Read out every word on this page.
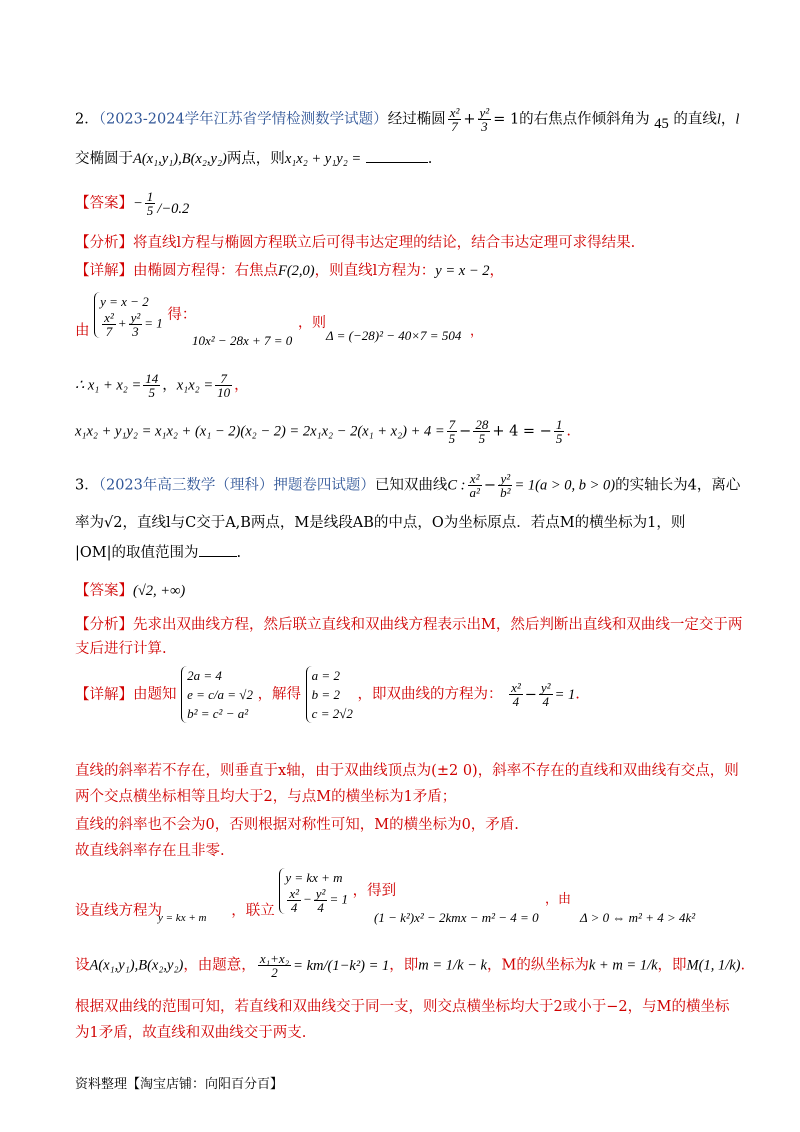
2．（2023-2024学年江苏省学情检测数学试题）经过椭圆 $\frac{\text{x²}}{7} + \frac{\text{y²}}{3} = 1$的右焦点作倾斜角为 45 的直线l，l
交椭圆于A(x₁,y₁),B(x₂,y₂)两点，则x₁x₂ + y₁y₂ =	.
【答案】− $\frac{1}{5} /-0.2$
【分析】将直线l方程与椭圆方程联立后可得韦达定理的结论，结合韦达定理可求得结果.
【详解】由椭圆方程得：右焦点F(2,0)，则直线l方程为：y = x − 2，
由 y = x − 2

$\frac{\text{x²}}{7} + \frac{\text{y²}}{3} = 1$ 得：
10x² − 28x + 7 = 0
，则
Δ = (−28)² − 40×7 = 504 ，
∴ $x_1 + x_2 = \frac{14}{5}$ ，$x_1x_2 = \frac{7}{10}$ ，
$x_1x_2 + y_1y_2 = x_1x_2 + (x_1 - 2)(x_2 - 2) = 2x_1x_2 - 2(x_1 + x_2) + 4 = \frac{7}{5} - \frac{28}{5} + 4$ = − $\frac{1}{5}$ .
3．（2023年高三数学（理科）押题卷四试题）已知双曲线C : $\frac{\text{x²}}{\text{a²}} - \frac{\text{y²}}{\text{b²}} = 1(a > 0$, b > 0)的实轴长为4，离心
率为√2，直线l与C交于A,B两点，M是线段AB的中点，O为坐标原点．若点M的横坐标为1，则
|OM|的取值范围为	.
【答案】(√2, +∞)
【分析】先求出双曲线方程，然后联立直线和双曲线方程表示出M，然后判断出直线和双曲线一定交于两
支后进行计算.
【详解】由题知 2a = 4
e = c/a = √2
b² = c² − a² ，解得 a = 2
b = 2
c = 2√2 ，即双曲线的方程为： $\frac{\text{x²}}{4} - \frac{\text{y²}}{4} = 1$.
直线的斜率若不存在，则垂直于x轴，由于双曲线顶点为(±2 0)，斜率不存在的直线和双曲线有交点，则
两个交点横坐标相等且均大于2，与点M的横坐标为1矛盾；
直线的斜率也不会为0，否则根据对称性可知，M的横坐标为0，矛盾.
故直线斜率存在且非零.
设直线方程为	，联立 y = kx + m

$\frac{\text{x²}}{4} - \frac{\text{y²}}{4} = 1$ ，得到
y = kx + m	(1 − k²)x² − 2kmx − m² − 4 = 0
，由
Δ > 0 ⇔ m² + 4 > 4k²
设A(x₁,y₁),B(x₂,y₂)，由题意， $\frac{\text{x₁+x₂}}{2} = km/(1-k^2) = 1$，即m = 1/k − k，M的纵坐标为k + m = 1/k，即M(1, 1/k).
根据双曲线的范围可知，若直线和双曲线交于同一支，则交点横坐标均大于2或小于−2，与M的横坐标
为1矛盾，故直线和双曲线交于两支.
资料整理【淘宝店铺：向阳百分百】
